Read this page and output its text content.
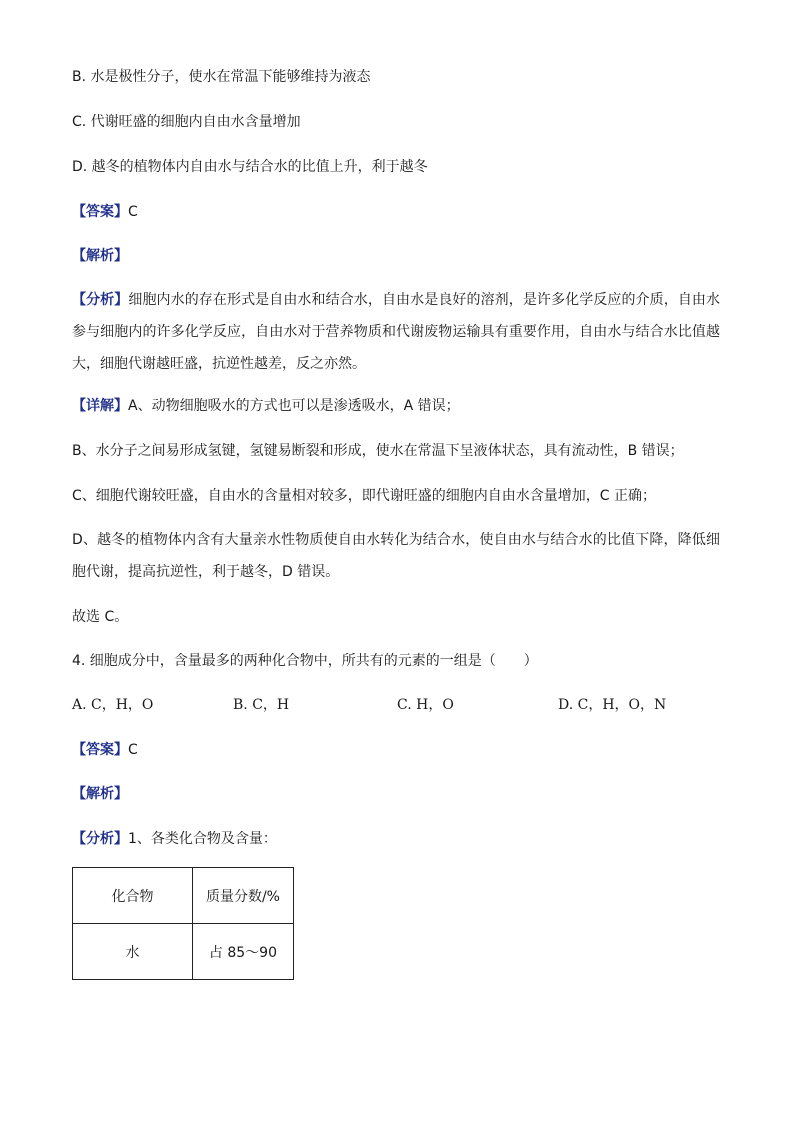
B. 水是极性分子，使水在常温下能够维持为液态
C. 代谢旺盛的细胞内自由水含量增加
D. 越冬的植物体内自由水与结合水的比值上升，利于越冬
【答案】C
【解析】
【分析】细胞内水的存在形式是自由水和结合水，自由水是良好的溶剂，是许多化学反应的介质，自由水参与细胞内的许多化学反应，自由水对于营养物质和代谢废物运输具有重要作用，自由水与结合水比值越大，细胞代谢越旺盛，抗逆性越差，反之亦然。
【详解】A、动物细胞吸水的方式也可以是渗透吸水，A 错误；
B、水分子之间易形成氢键，氢键易断裂和形成，使水在常温下呈液体状态，具有流动性，B 错误；
C、细胞代谢较旺盛，自由水的含量相对较多，即代谢旺盛的细胞内自由水含量增加，C 正确；
D、越冬的植物体内含有大量亲水性物质使自由水转化为结合水，使自由水与结合水的比值下降，降低细胞代谢，提高抗逆性，利于越冬，D 错误。
故选 C。
4. 细胞成分中，含量最多的两种化合物中，所共有的元素的一组是（　　）
A. C，H，O	B. C，H	C. H，O	D. C，H，O，N
【答案】C
【解析】
【分析】1、各类化合物及含量：
化合物	质量分数/%
水	占 85～90
